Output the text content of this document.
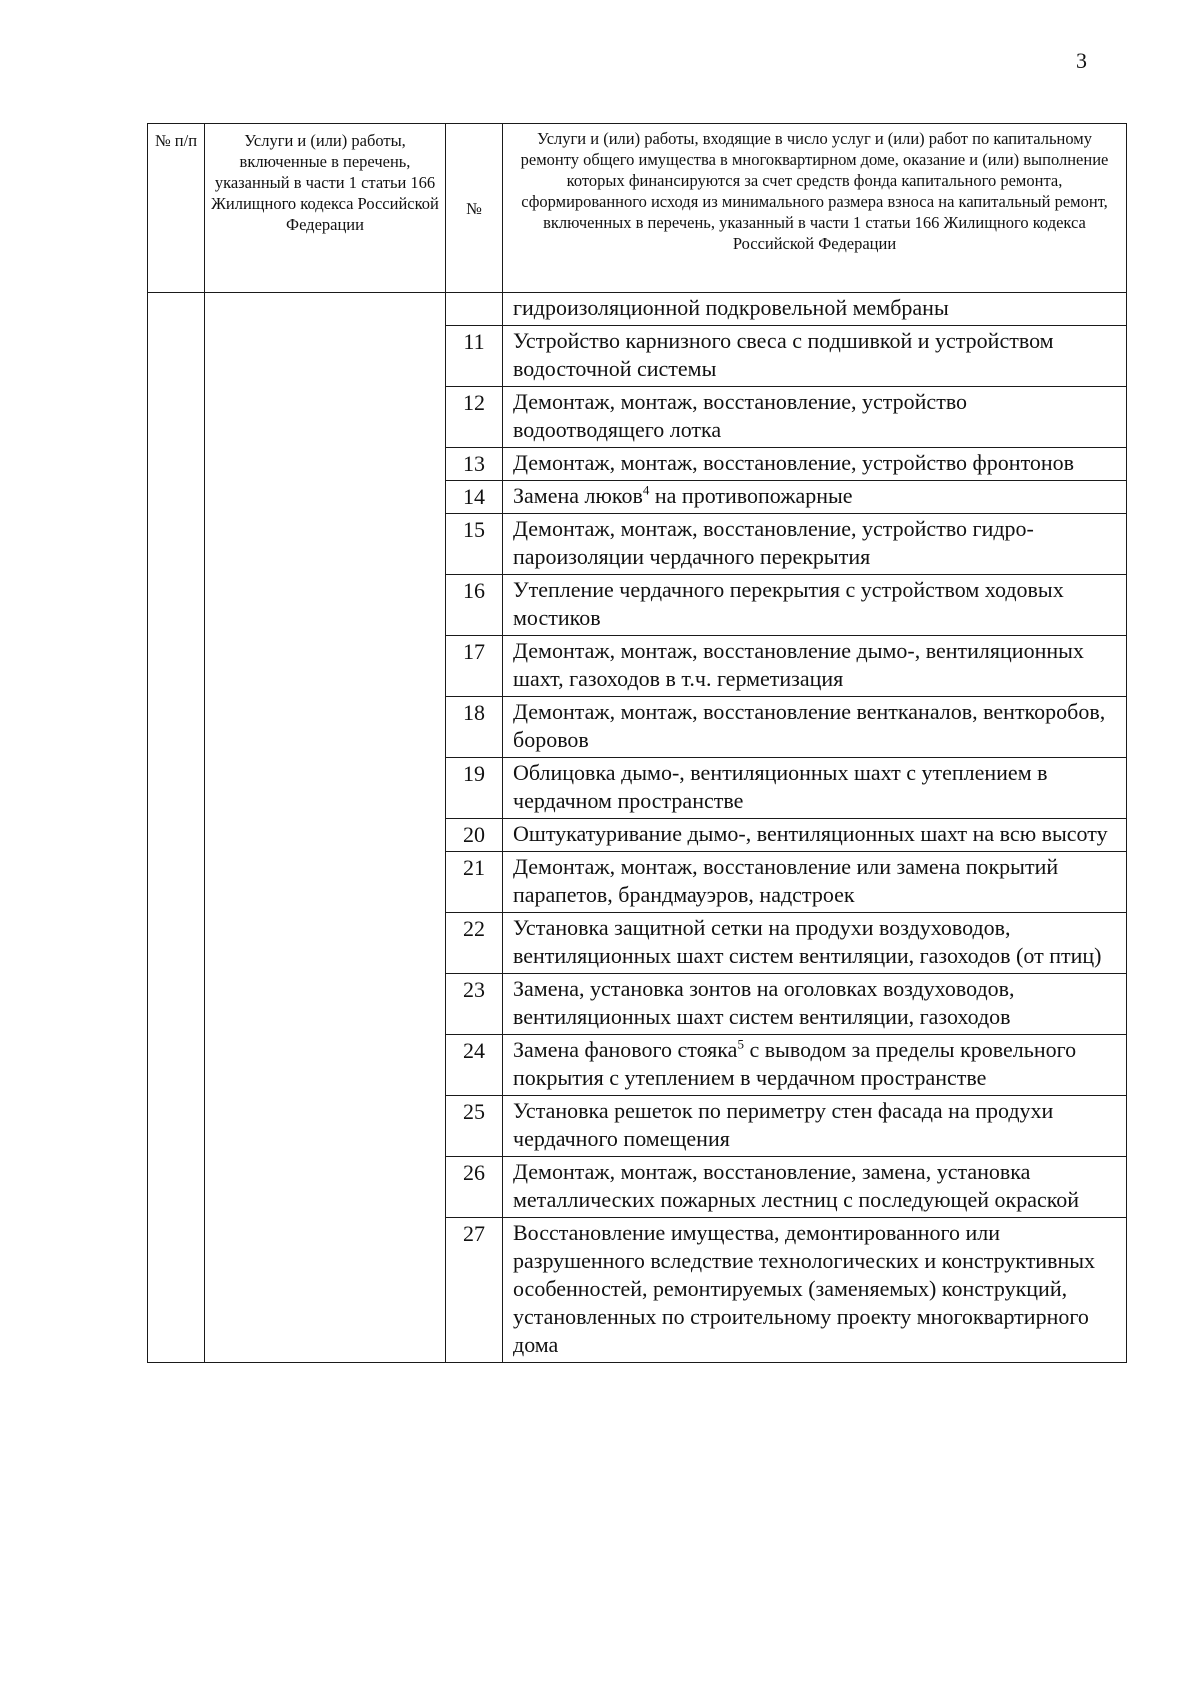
3
№ п/п	Услуги и (или) работы, включенные в перечень, указанный в части 1 статьи 166 Жилищного кодекса Российской Федерации	№	Услуги и (или) работы, входящие в число услуг и (или) работ по капитальному ремонту общего имущества в многоквартирном доме, оказание и (или) выполнение которых финансируются за счет средств фонда капитального ремонта, сформированного исходя из минимального размера взноса на капитальный ремонт, включенных в перечень, указанный в части 1 статьи 166 Жилищного кодекса Российской Федерации
			гидроизоляционной подкровельной мембраны
		11	Устройство карнизного свеса с подшивкой и устройством водосточной системы
		12	Демонтаж, монтаж, восстановление, устройство водоотводящего лотка
		13	Демонтаж, монтаж, восстановление, устройство фронтонов
		14	Замена люков$^4$ на противопожарные
		15	Демонтаж, монтаж, восстановление, устройство гидро-пароизоляции чердачного перекрытия
		16	Утепление чердачного перекрытия с устройством ходовых мостиков
		17	Демонтаж, монтаж, восстановление дымо-, вентиляционных шахт, газоходов в т.ч. герметизация
		18	Демонтаж, монтаж, восстановление вентканалов, венткоробов, боровов
		19	Облицовка дымо-, вентиляционных шахт с утеплением в чердачном пространстве
		20	Оштукатуривание дымо-, вентиляционных шахт на всю высоту
		21	Демонтаж, монтаж, восстановление или замена покрытий парапетов, брандмауэров, надстроек
		22	Установка защитной сетки на продухи воздуховодов, вентиляционных шахт систем вентиляции, газоходов (от птиц)
		23	Замена, установка зонтов на оголовках воздуховодов, вентиляционных шахт систем вентиляции, газоходов
		24	Замена фанового стояка$^5$ с выводом за пределы кровельного покрытия с утеплением в чердачном пространстве
		25	Установка решеток по периметру стен фасада на продухи чердачного помещения
		26	Демонтаж, монтаж, восстановление, замена, установка металлических пожарных лестниц с последующей окраской
		27	Восстановление имущества, демонтированного или разрушенного вследствие технологических и конструктивных особенностей, ремонтируемых (заменяемых) конструкций, установленных по строительному проекту многоквартирного дома
